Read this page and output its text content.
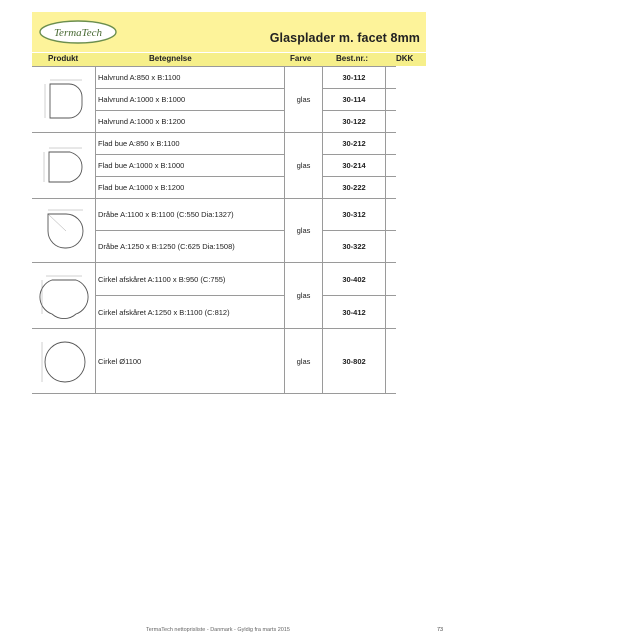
TermaTech	Glasplader m. facet 8mm
Produkt	Betegnelse	Farve	Best.nr.:	DKK
	Halvrund A:850 x B:1100	glas	30-112	
	Halvrund A:1000 x B:1000		30-114	
	Halvrund A:1000 x B:1200		30-122	

	Flad bue A:850 x B:1100	glas	30-212	
	Flad bue A:1000 x B:1000		30-214	
	Flad bue A:1000 x B:1200		30-222	

	Dråbe A:1100 x B:1100 (C:550 Dia:1327)	glas	30-312	
	Dråbe A:1250 x B:1250 (C:625 Dia:1508)		30-322	

	Cirkel afskåret A:1100 x B:950 (C:755)	glas	30-402	
	Cirkel afskåret A:1250 x B:1100 (C:812)		30-412	

	Cirkel Ø1100	glas	30-802	
TermaTech nettoprisliste - Danmark - Gyldig fra marts 2015	73
